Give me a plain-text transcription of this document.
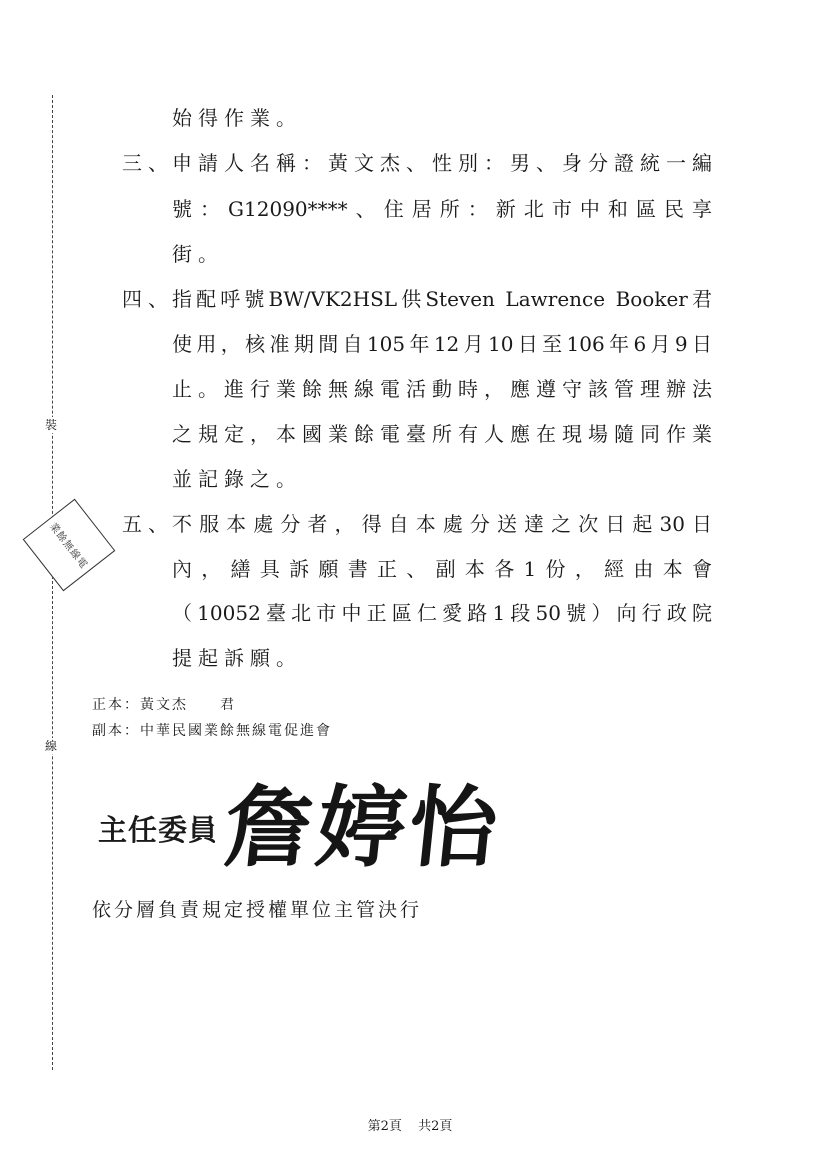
裝
線
業餘無線電
始得作業。
三、
申請人名稱：黃文杰、性別：男、身分證統一編
號：G12090****、住居所：新北市中和區民享
街。
四、
指配呼號BW/VK2HSL供Steven Lawrence Booker君
使用，核准期間自105年12月10日至106年6月9日
止。進行業餘無線電活動時，應遵守該管理辦法
之規定，本國業餘電臺所有人應在現場隨同作業
並記錄之。
五、
不服本處分者，得自本處分送達之次日起30日
內，繕具訴願書正、副本各1份，經由本會
（10052臺北市中正區仁愛路1段50號）向行政院
提起訴願。
正本：黃文杰　　君
副本：中華民國業餘無線電促進會
主任委員 詹婷怡
依分層負責規定授權單位主管決行
第2頁 共2頁
